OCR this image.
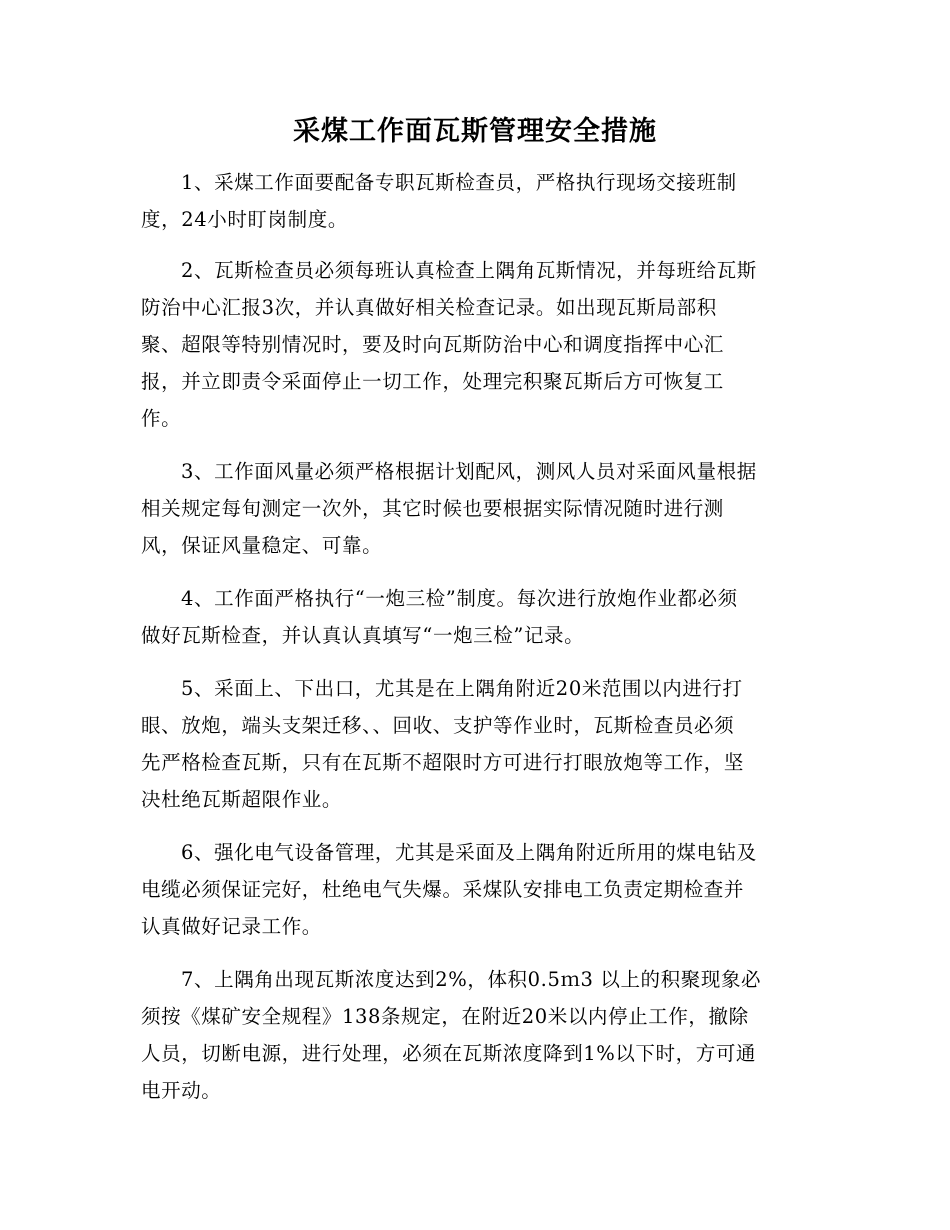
采煤工作面瓦斯管理安全措施
1、采煤工作面要配备专职瓦斯检查员，严格执行现场交接班制
度，24小时盯岗制度。
2、瓦斯检查员必须每班认真检查上隅角瓦斯情况，并每班给瓦斯
防治中心汇报3次，并认真做好相关检查记录。如出现瓦斯局部积
聚、超限等特别情况时，要及时向瓦斯防治中心和调度指挥中心汇
报，并立即责令采面停止一切工作，处理完积聚瓦斯后方可恢复工
作。
3、工作面风量必须严格根据计划配风，测风人员对采面风量根据
相关规定每旬测定一次外，其它时候也要根据实际情况随时进行测
风，保证风量稳定、可靠。
4、工作面严格执行“一炮三检”制度。每次进行放炮作业都必须
做好瓦斯检查，并认真认真填写“一炮三检”记录。
5、采面上、下出口，尤其是在上隅角附近20米范围以内进行打
眼、放炮，端头支架迁移、、回收、支护等作业时，瓦斯检查员必须
先严格检查瓦斯，只有在瓦斯不超限时方可进行打眼放炮等工作，坚
决杜绝瓦斯超限作业。
6、强化电气设备管理，尤其是采面及上隅角附近所用的煤电钻及
电缆必须保证完好，杜绝电气失爆。采煤队安排电工负责定期检查并
认真做好记录工作。
7、上隅角出现瓦斯浓度达到2%，体积0.5ｍ3 以上的积聚现象必
须按《煤矿安全规程》138条规定，在附近20米以内停止工作，撤除
人员，切断电源，进行处理，必须在瓦斯浓度降到1%以下时，方可通
电开动。
